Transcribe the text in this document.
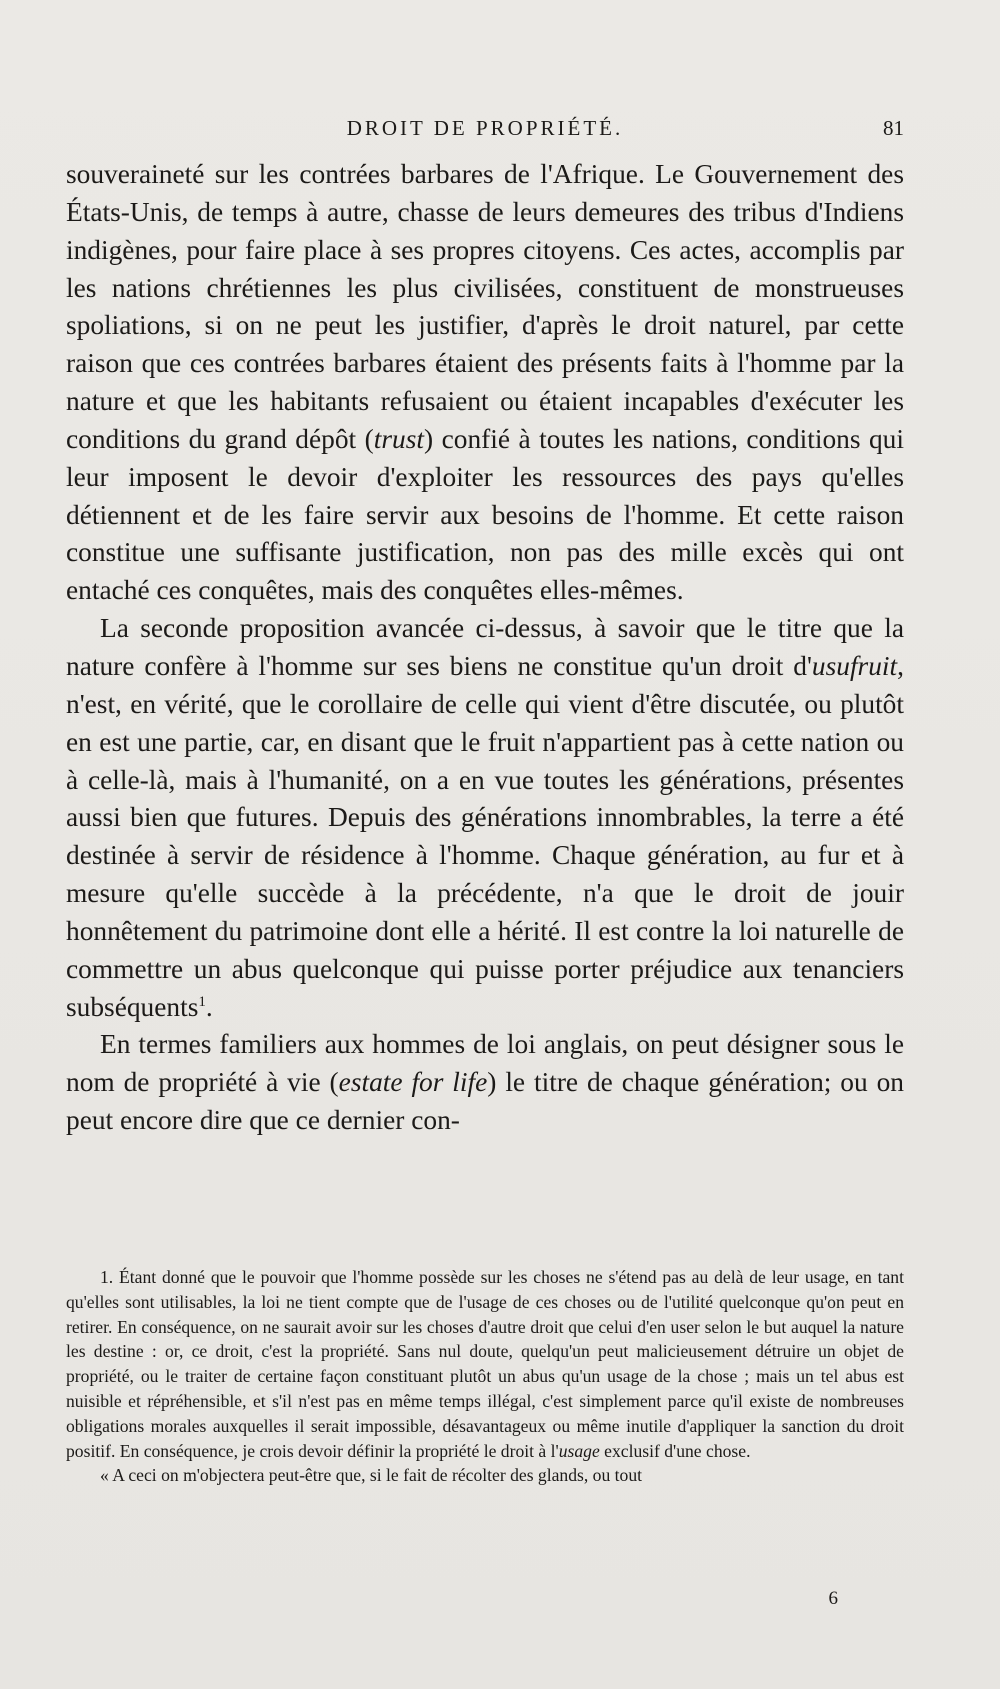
DROIT DE PROPRIÉTÉ.	81

souveraineté sur les contrées barbares de l'Afrique. Le Gouvernement des États-Unis, de temps à autre, chasse de leurs demeures des tribus d'Indiens indigènes, pour faire place à ses propres citoyens. Ces actes, accomplis par les nations chrétiennes les plus civilisées, constituent de monstrueuses spoliations, si on ne peut les justifier, d'après le droit naturel, par cette raison que ces contrées barbares étaient des présents faits à l'homme par la nature et que les habitants refusaient ou étaient incapables d'exécuter les conditions du grand dépôt (trust) confié à toutes les nations, conditions qui leur imposent le devoir d'exploiter les ressources des pays qu'elles détiennent et de les faire servir aux besoins de l'homme. Et cette raison constitue une suffisante justification, non pas des mille excès qui ont entaché ces conquêtes, mais des conquêtes elles-mêmes.

La seconde proposition avancée ci-dessus, à savoir que le titre que la nature confère à l'homme sur ses biens ne constitue qu'un droit d'usufruit, n'est, en vérité, que le corollaire de celle qui vient d'être discutée, ou plutôt en est une partie, car, en disant que le fruit n'appartient pas à cette nation ou à celle-là, mais à l'humanité, on a en vue toutes les générations, présentes aussi bien que futures. Depuis des générations innombrables, la terre a été destinée à servir de résidence à l'homme. Chaque génération, au fur et à mesure qu'elle succède à la précédente, n'a que le droit de jouir honnêtement du patrimoine dont elle a hérité. Il est contre la loi naturelle de commettre un abus quelconque qui puisse porter préjudice aux tenanciers subséquents$^1$.

En termes familiers aux hommes de loi anglais, on peut désigner sous le nom de propriété à vie (estate for life) le titre de chaque génération; ou on peut encore dire que ce dernier con-

1. Étant donné que le pouvoir que l'homme possède sur les choses ne s'étend pas au delà de leur usage, en tant qu'elles sont utilisables, la loi ne tient compte que de l'usage de ces choses ou de l'utilité quelconque qu'on peut en retirer. En conséquence, on ne saurait avoir sur les choses d'autre droit que celui d'en user selon le but auquel la nature les destine : or, ce droit, c'est la propriété. Sans nul doute, quelqu'un peut malicieusement détruire un objet de propriété, ou le traiter de certaine façon constituant plutôt un abus qu'un usage de la chose ; mais un tel abus est nuisible et répréhensible, et s'il n'est pas en même temps illégal, c'est simplement parce qu'il existe de nombreuses obligations morales auxquelles il serait impossible, désavantageux ou même inutile d'appliquer la sanction du droit positif. En conséquence, je crois devoir définir la propriété le droit à l'usage exclusif d'une chose.

« A ceci on m'objectera peut-être que, si le fait de récolter des glands, ou tout

6
